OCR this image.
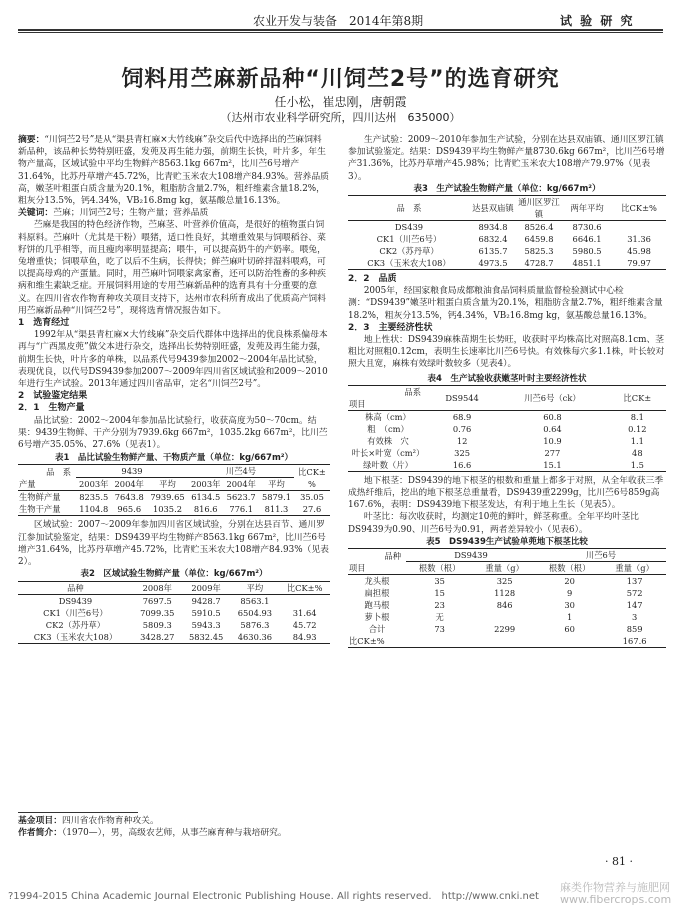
农业开发与装备　2014年第8期	试 验 研 究
饲料用苎麻新品种“川饲苎2号”的选育研究
任小松，崔忠刚，唐朝霞
（达州市农业科学研究所，四川达州　635000）

摘要：“川饲苎2号”是从“渠县青杠麻×大竹线麻”杂交后代中选择出的苎麻饲料新品种，该品种长势特别旺盛，发蔸及再生能力强，前期生长快，叶片多，年生物产量高，区域试验中平均生物鲜产8563.1kg 667m²，比川苎6号增产31.64%，比苏丹草增产45.72%，比青贮玉米农大108增产84.93%。营养品质高，嫩茎叶粗蛋白质含量为20.1%，粗脂肪含量2.7%，粗纤维素含量18.2%，粗灰分13.5%，钙4.34%，VB₂16.8mg kg，氨基酸总量16.13%。

关键词：苎麻；川饲苎2号；生物产量；营养品质

苎麻是我国的特色经济作物，苎麻茎、叶营养价值高，是很好的植物蛋白饲料原料。苎麻叶（尤其是干粉）喂猪，适口性良好，其增重效果与饲喂稻谷、菜籽饼的几乎相等，而且瘦肉率明显提高；喂牛，可以提高奶牛的产奶率。喂兔，兔增重快；饲喂草鱼，吃了以后不生病，长得快；鲜苎麻叶切碎拌湿料喂鸡，可以提高母鸡的产蛋量。同时，用苎麻叶饲喂家禽家畜，还可以防治牲畜的多种疾病和维生素缺乏症。开展饲料用途的专用苎麻新品种的选育具有十分重要的意义。在四川省农作物育种攻关项目支持下，达州市农科所育成出了优质高产饲料用苎麻新品种“川饲苎2号”，现将选育情况报告如下。

1　选育经过

1992年从“渠县青杠麻×大竹线麻”杂交后代群体中选择出的优良株系偏母本再与“广西黑皮蔸”做父本进行杂交，选择出长势特别旺盛，发蔸及再生能力强，前期生长快，叶片多的单株，以品系代号9439参加2002～2004年品比试验，表现优良，以代号DS9439参加2007～2009年四川省区域试验和2009～2010年进行生产试验。2013年通过四川省品审，定名“川饲苎2号”。

2　试验鉴定结果

2．1　生物产量

品比试验：2002～2004年参加品比试验行，收获高度为50～70cm。结果：9439生物鲜、干产分别为7939.6kg 667m²，1035.2kg 667m²，比川苎6号增产35.05%、27.6%（见表1）。

表1　品比试验生物鲜产量、干物质产量（单位：kg/667m²）
品　系
产量	9439			川苎4号			比CK±%
	2003年	2004年	平均	2003年	2004年	平均	
生物鲜产量	8235.5	7643.8	7939.65	6134.5	5623.7	5879.1	35.05
生物干产量	1104.8	965.6	1035.2	816.6	776.1	811.3	27.6

区域试验：2007～2009年参加四川省区域试验，分别在达县百节、通川罗江参加试验鉴定，结果：DS9439平均生物鲜产8563.1kg 667m²，比川苎6号增产31.64%，比苏丹草增产45.72%，比青贮玉米农大108增产84.93%（见表2）。

表2　区域试验生物鲜产量（单位：kg/667m²）
品种	2008年	2009年	平均	比CK±%
DS9439	7697.5	9428.7	8563.1	
CK1（川苎6号）	7099.35	5910.5	6504.93	31.64
CK2（苏丹草）	5809.3	5943.3	5876.3	45.72
CK3（玉米农大108）	3428.27	5832.45	4630.36	84.93

基金项目：四川省农作物育种攻关。

作者简介：（1970—），男，高级农艺师，从事苎麻育种与栽培研究。

生产试验：2009～2010年参加生产试验，分别在达县双庙镇、通川区罗江镇参加试验鉴定。结果：DS9439平均生物鲜产量8730.6kg 667m²，比川苎6号增产31.36%，比苏丹草增产45.98%；比青贮玉米农大108增产79.97%（见表3）。

表3　生产试验生物鲜产量（单位：kg/667m²）
品　系	达县双庙镇	通川区罗江镇	两年平均	比CK±%
DS439	8934.8	8526.4	8730.6	
CK1（川苎6号）	6832.4	6459.8	6646.1	31.36
CK2（苏丹草）	6135.7	5825.3	5980.5	45.98
CK3（玉米农大108）	4973.5	4728.7	4851.1	79.97

2．2　品质

2005年，经国家粮食局成都粮油食品饲料质量监督检验测试中心检测：“DS9439”嫩茎叶粗蛋白质含量为20.1%，粗脂肪含量2.7%，粗纤维素含量18.2%，粗灰分13.5%，钙4.34%，VB₂16.8mg kg，氨基酸总量16.13%。

2．3　主要经济性状

地上性状：DS9439麻株苗期生长势旺，收获时平均株高比对照高8.1cm、茎粗比对照粗0.12cm，表明生长速率比川苎6号快。有效株每穴多1.1株，叶长较对照大且宽，麻株有效绿叶数较多（见表4）。

表4　生产试验收获嫩茎叶时主要经济性状
品系
项目	DS9544	川苎6号（ck）	比CK±
株高（cm）	68.9	60.8	8.1
粗　（cm）	0.76	0.64	0.12
有效株　穴	12	10.9	1.1
叶长×叶宽（cm²）	325	277	48
绿叶数（片）	16.6	15.1	1.5

地下根茎：DS9439的地下根茎的根数和重量上都多于对照，从全年收获三季成热纤维后，挖出的地下根茎总重量看，DS9439重2299g，比川苎6号859g高167.6%，表明：DS9439地下根茎发达，有利于地上生长（见表5）。

叶茎比：每次收获时，均测定10蔸的鲜叶，鲜茎称重。全年平均叶茎比DS9439为0.90、川苎6号为0.91，两者差异较小（见表6）。

表5　DS9439生产试验单蔸地下根茎比较
品种
项目	DS9439		川苎6号	
	根数（根）	重量（g）	根数（根）	重量（g）
龙头根	35	325	20	137
扁担根	15	1128	9	572
跑马根	23	846	30	147
萝卜根	无		1	3
合计	73	2299	60	859
比CK±%				167.6
· 81 ·
?1994-2015 China Academic Journal Electronic Publishing House. All rights reserved.　http://www.cnki.net
麻类作物营养与施肥网
www.fibercrops.com
